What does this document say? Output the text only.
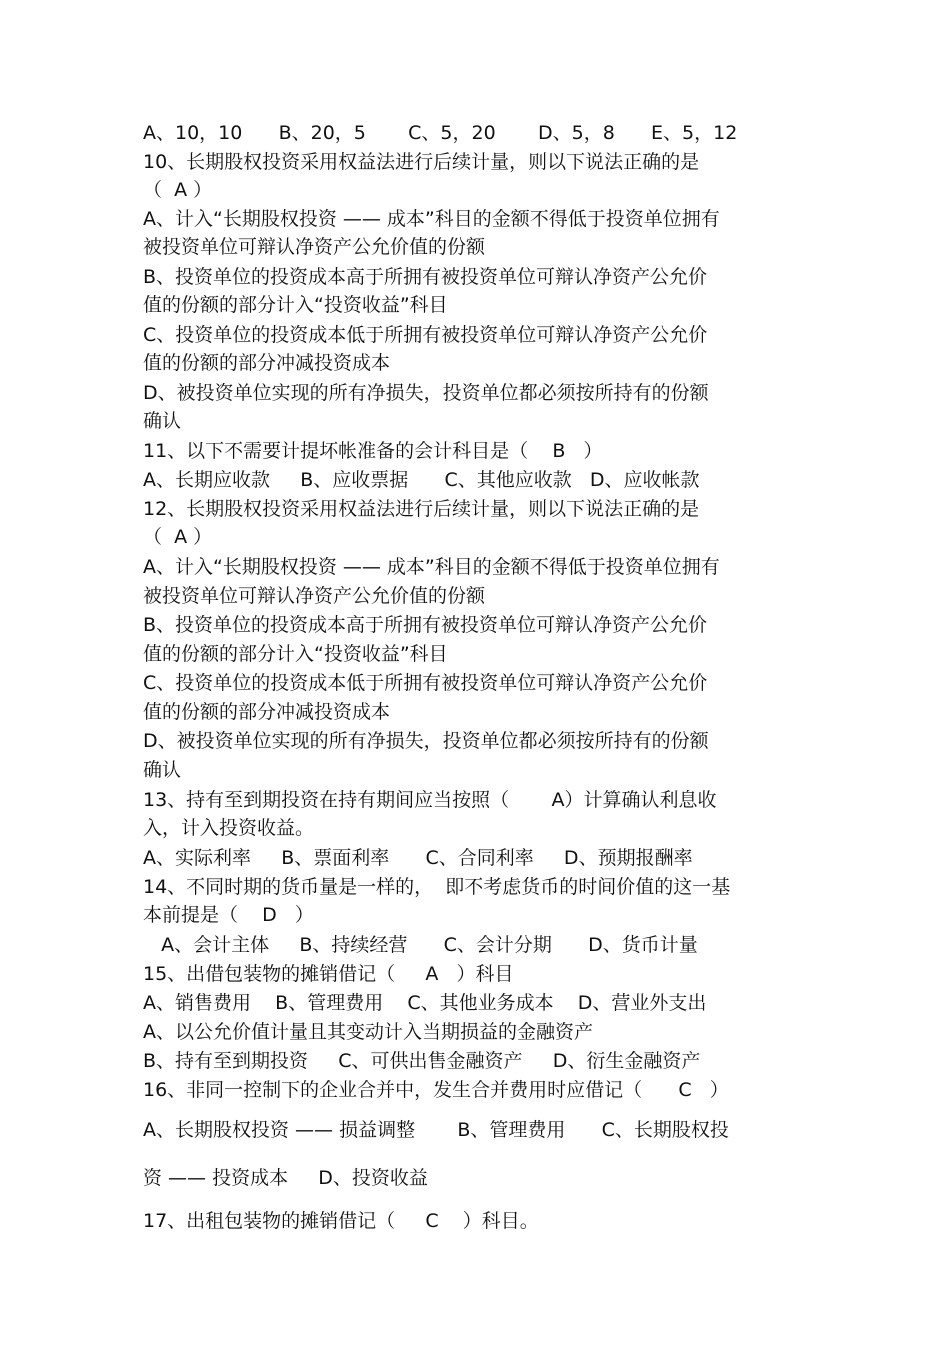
A、10，10      B、20，5       C、5，20       D、5，8      E、5，12
10、长期股权投资采用权益法进行后续计量，则以下说法正确的是
（  A ）
A、计入“长期股权投资 —— 成本”科目的金额不得低于投资单位拥有
被投资单位可辩认净资产公允价值的份额
B、投资单位的投资成本高于所拥有被投资单位可辩认净资产公允价
值的份额的部分计入“投资收益”科目
C、投资单位的投资成本低于所拥有被投资单位可辩认净资产公允价
值的份额的部分冲减投资成本
D、被投资单位实现的所有净损失，投资单位都必须按所持有的份额
确认
11、以下不需要计提坏帐准备的会计科目是（    B   ）
A、长期应收款     B、应收票据      C、其他应收款   D、应收帐款
12、长期股权投资采用权益法进行后续计量，则以下说法正确的是
（  A ）
A、计入“长期股权投资 —— 成本”科目的金额不得低于投资单位拥有
被投资单位可辩认净资产公允价值的份额
B、投资单位的投资成本高于所拥有被投资单位可辩认净资产公允价
值的份额的部分计入“投资收益”科目
C、投资单位的投资成本低于所拥有被投资单位可辩认净资产公允价
值的份额的部分冲减投资成本
D、被投资单位实现的所有净损失，投资单位都必须按所持有的份额
确认
13、持有至到期投资在持有期间应当按照（       A）计算确认利息收
入，计入投资收益。
A、实际利率     B、票面利率      C、合同利率     D、预期报酬率
14、不同时期的货币量是一样的，  即不考虑货币的时间价值的这一基
本前提是（    D   ）
A、会计主体     B、持续经营      C、会计分期      D、货币计量
15、出借包装物的摊销借记（     A   ）科目
A、销售费用    B、管理费用    C、其他业务成本    D、营业外支出
A、以公允价值计量且其变动计入当期损益的金融资产
B、持有至到期投资     C、可供出售金融资产     D、衍生金融资产
16、非同一控制下的企业合并中，发生合并费用时应借记（      C   ）
A、长期股权投资 —— 损益调整       B、管理费用      C、长期股权投
资 —— 投资成本     D、投资收益
17、出租包装物的摊销借记（     C    ）科目。
